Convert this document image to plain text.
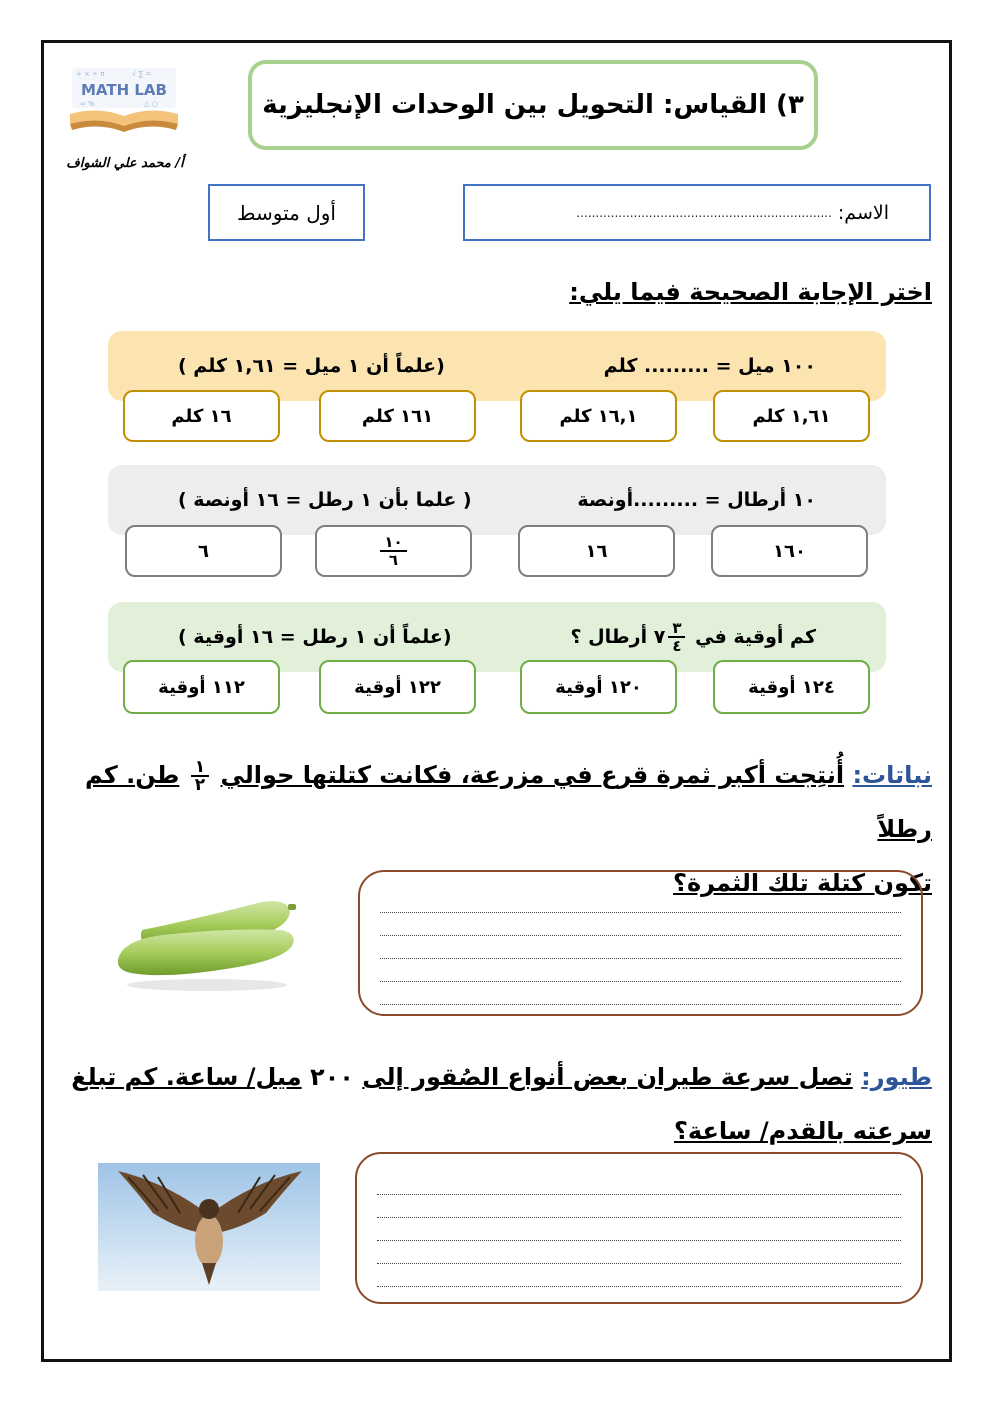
+ × ÷ π	√ ∑ =
∞ %	△ ○
MATH LAB
أ/ محمد علي الشواف
٣) القياس: التحويل بين الوحدات الإنجليزية
أول متوسط	الاسم:
...................................................................
اختر الإجابة الصحيحة فيما يلي:
١٠٠ ميل = ......... كلم
(علماً أن ١ ميل = ١,٦١ كلم )
١,٦١ كلم
١٦,١ كلم
١٦١ كلم
١٦ كلم
١٠ أرطال = .........أونصة
( علما بأن ١ رطل = ١٦ أونصة )
١٦٠
١٦
$\frac{١٠}{٦}$
٦
كم أوقية في

$\frac{٣}{٤}$
٧

أرطال ؟
(علماً أن ١ رطل = ١٦ أوقية )
١٢٤ أوقية
١٢٠ أوقية
١٢٢ أوقية
١١٢ أوقية
نباتات: أُنتِجت أكبر ثمرة قرع في مزرعة، فكانت كتلتها حوالي
$\frac{١}{٢}$
طن. كم رطلاً
تكون كتلة تلك الثمرة؟
طيور: تصل سرعة طيران بعض أنواع الصُقور إلى ٢٠٠ ميل/ ساعة. كم تبلغ
سرعته بالقدم/ ساعة؟
